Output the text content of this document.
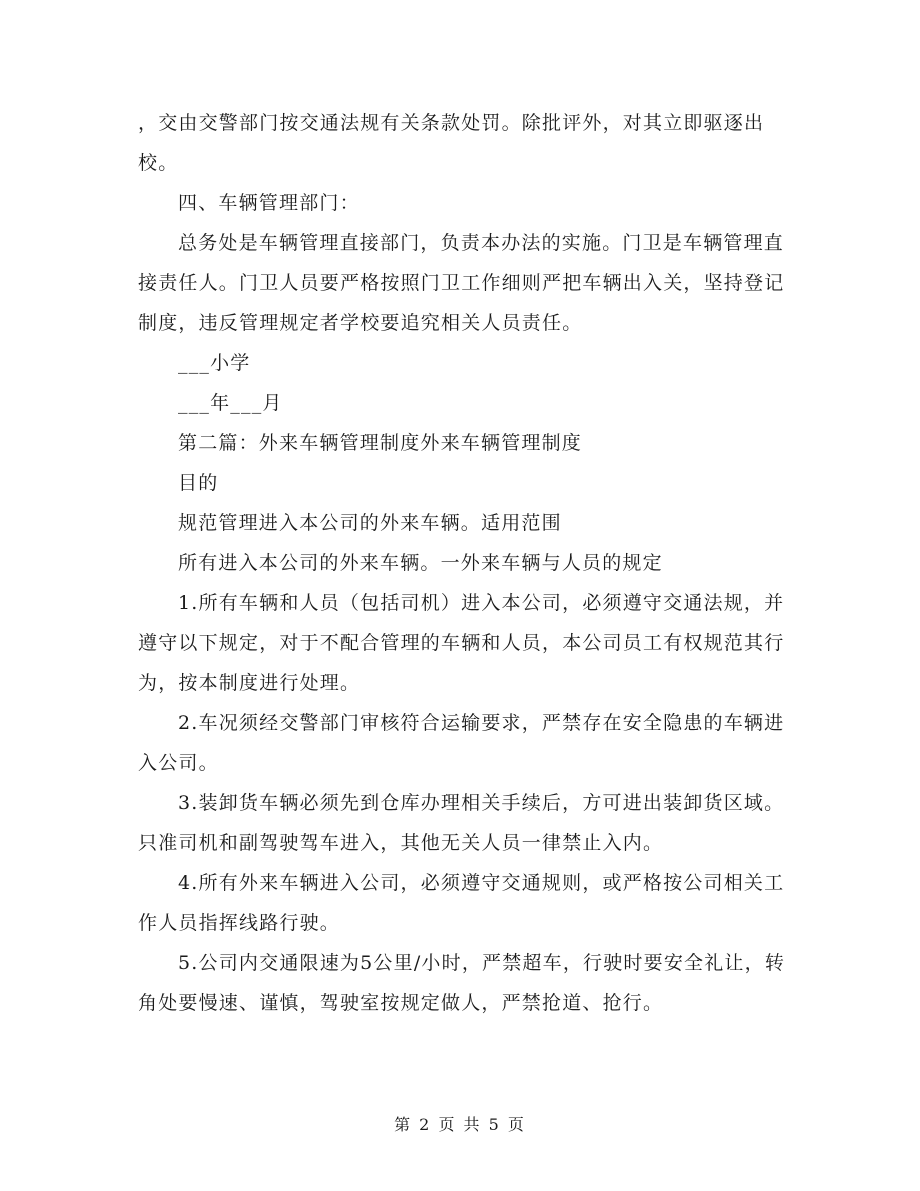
，交由交警部门按交通法规有关条款处罚。除批评外，对其立即驱逐出校。

四、车辆管理部门：

总务处是车辆管理直接部门，负责本办法的实施。门卫是车辆管理直接责任人。门卫人员要严格按照门卫工作细则严把车辆出入关，坚持登记制度，违反管理规定者学校要追究相关人员责任。

___小学

___年___月

第二篇：外来车辆管理制度外来车辆管理制度

目的

规范管理进入本公司的外来车辆。适用范围

所有进入本公司的外来车辆。一外来车辆与人员的规定

1.所有车辆和人员（包括司机）进入本公司，必须遵守交通法规，并遵守以下规定，对于不配合管理的车辆和人员，本公司员工有权规范其行为，按本制度进行处理。

2.车况须经交警部门审核符合运输要求，严禁存在安全隐患的车辆进入公司。

3.装卸货车辆必须先到仓库办理相关手续后，方可进出装卸货区域。只准司机和副驾驶驾车进入，其他无关人员一律禁止入内。

4.所有外来车辆进入公司，必须遵守交通规则，或严格按公司相关工作人员指挥线路行驶。

5.公司内交通限速为5公里/小时，严禁超车，行驶时要安全礼让，转角处要慢速、谨慎，驾驶室按规定做人，严禁抢道、抢行。

第 2 页 共 5 页
